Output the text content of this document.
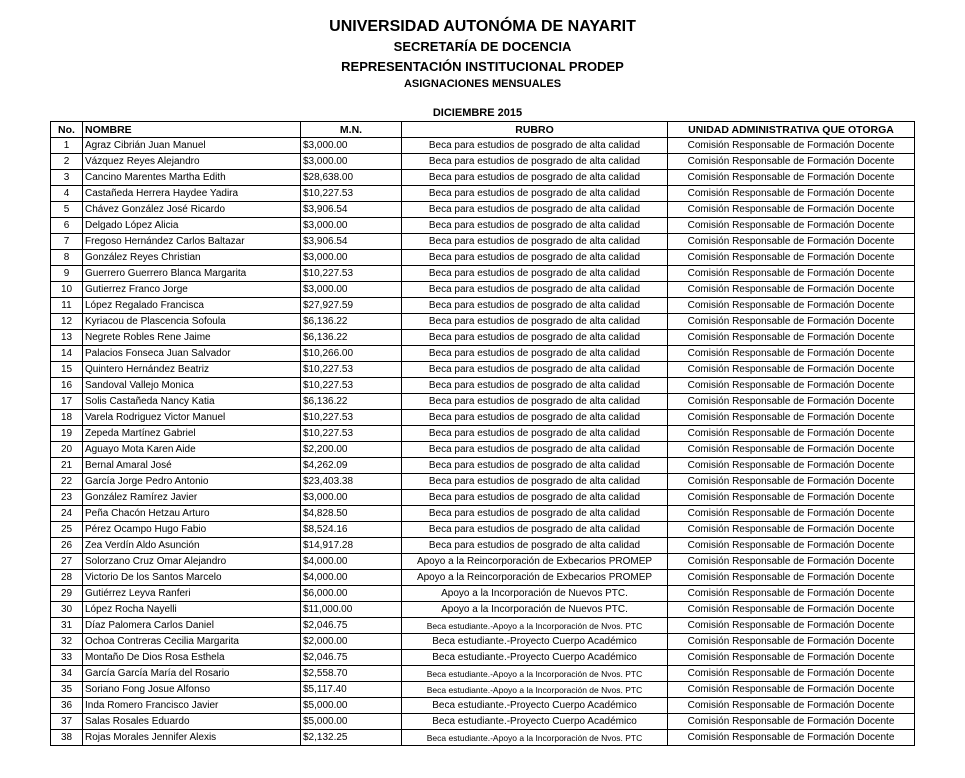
UNIVERSIDAD AUTONÓMA DE NAYARIT
SECRETARÍA DE DOCENCIA
REPRESENTACIÓN INSTITUCIONAL PRODEP
ASIGNACIONES MENSUALES
DICIEMBRE 2015
No.	NOMBRE	M.N.	RUBRO	UNIDAD ADMINISTRATIVA QUE OTORGA
1	Agraz Cibrián Juan Manuel	$3,000.00	Beca para estudios de posgrado de alta calidad	Comisión Responsable de Formación Docente
2	Vázquez Reyes Alejandro	$3,000.00	Beca para estudios de posgrado de alta calidad	Comisión Responsable de Formación Docente
3	Cancino Marentes Martha Edith	$28,638.00	Beca para estudios de posgrado de alta calidad	Comisión Responsable de Formación Docente
4	Castañeda Herrera Haydee Yadira	$10,227.53	Beca para estudios de posgrado de alta calidad	Comisión Responsable de Formación Docente
5	Chávez González José Ricardo	$3,906.54	Beca para estudios de posgrado de alta calidad	Comisión Responsable de Formación Docente
6	Delgado López Alicia	$3,000.00	Beca para estudios de posgrado de alta calidad	Comisión Responsable de Formación Docente
7	Fregoso Hernández Carlos Baltazar	$3,906.54	Beca para estudios de posgrado de alta calidad	Comisión Responsable de Formación Docente
8	González Reyes Christian	$3,000.00	Beca para estudios de posgrado de alta calidad	Comisión Responsable de Formación Docente
9	Guerrero Guerrero Blanca Margarita	$10,227.53	Beca para estudios de posgrado de alta calidad	Comisión Responsable de Formación Docente
10	Gutierrez Franco Jorge	$3,000.00	Beca para estudios de posgrado de alta calidad	Comisión Responsable de Formación Docente
11	López Regalado Francisca	$27,927.59	Beca para estudios de posgrado de alta calidad	Comisión Responsable de Formación Docente
12	Kyriacou de Plascencia Sofoula	$6,136.22	Beca para estudios de posgrado de alta calidad	Comisión Responsable de Formación Docente
13	Negrete Robles Rene Jaime	$6,136.22	Beca para estudios de posgrado de alta calidad	Comisión Responsable de Formación Docente
14	Palacios Fonseca Juan Salvador	$10,266.00	Beca para estudios de posgrado de alta calidad	Comisión Responsable de Formación Docente
15	Quintero Hernández Beatriz	$10,227.53	Beca para estudios de posgrado de alta calidad	Comisión Responsable de Formación Docente
16	Sandoval Vallejo Monica	$10,227.53	Beca para estudios de posgrado de alta calidad	Comisión Responsable de Formación Docente
17	Solis Castañeda Nancy Katia	$6,136.22	Beca para estudios de posgrado de alta calidad	Comisión Responsable de Formación Docente
18	Varela Rodriguez Victor Manuel	$10,227.53	Beca para estudios de posgrado de alta calidad	Comisión Responsable de Formación Docente
19	Zepeda Martínez Gabriel	$10,227.53	Beca para estudios de posgrado de alta calidad	Comisión Responsable de Formación Docente
20	Aguayo Mota Karen Aide	$2,200.00	Beca para estudios de posgrado de alta calidad	Comisión Responsable de Formación Docente
21	Bernal Amaral José	$4,262.09	Beca para estudios de posgrado de alta calidad	Comisión Responsable de Formación Docente
22	García Jorge Pedro Antonio	$23,403.38	Beca para estudios de posgrado de alta calidad	Comisión Responsable de Formación Docente
23	González Ramírez Javier	$3,000.00	Beca para estudios de posgrado de alta calidad	Comisión Responsable de Formación Docente
24	Peña Chacón Hetzau Arturo	$4,828.50	Beca para estudios de posgrado de alta calidad	Comisión Responsable de Formación Docente
25	Pérez Ocampo Hugo Fabio	$8,524.16	Beca para estudios de posgrado de alta calidad	Comisión Responsable de Formación Docente
26	Zea Verdín Aldo Asunción	$14,917.28	Beca para estudios de posgrado de alta calidad	Comisión Responsable de Formación Docente
27	Solorzano Cruz Omar Alejandro	$4,000.00	Apoyo a la Reincorporación de Exbecarios PROMEP	Comisión Responsable de Formación Docente
28	Victorio De los Santos Marcelo	$4,000.00	Apoyo a la Reincorporación de Exbecarios PROMEP	Comisión Responsable de Formación Docente
29	Gutiérrez Leyva Ranferi	$6,000.00	Apoyo a la Incorporación de Nuevos PTC.	Comisión Responsable de Formación Docente
30	López Rocha Nayelli	$11,000.00	Apoyo a la Incorporación de Nuevos PTC.	Comisión Responsable de Formación Docente
31	Díaz Palomera Carlos Daniel	$2,046.75	Beca estudiante.-Apoyo a la Incorporación de Nvos. PTC	Comisión Responsable de Formación Docente
32	Ochoa Contreras Cecilia Margarita	$2,000.00	Beca estudiante.-Proyecto Cuerpo Académico	Comisión Responsable de Formación Docente
33	Montaño De Dios Rosa Esthela	$2,046.75	Beca estudiante.-Proyecto Cuerpo Académico	Comisión Responsable de Formación Docente
34	García García María del Rosario	$2,558.70	Beca estudiante.-Apoyo a la Incorporación de Nvos. PTC	Comisión Responsable de Formación Docente
35	Soriano Fong Josue Alfonso	$5,117.40	Beca estudiante.-Apoyo a la Incorporación de Nvos. PTC	Comisión Responsable de Formación Docente
36	Inda Romero Francisco Javier	$5,000.00	Beca estudiante.-Proyecto Cuerpo Académico	Comisión Responsable de Formación Docente
37	Salas Rosales Eduardo	$5,000.00	Beca estudiante.-Proyecto Cuerpo Académico	Comisión Responsable de Formación Docente
38	Rojas Morales Jennifer Alexis	$2,132.25	Beca estudiante.-Apoyo a la Incorporación de Nvos. PTC	Comisión Responsable de Formación Docente
